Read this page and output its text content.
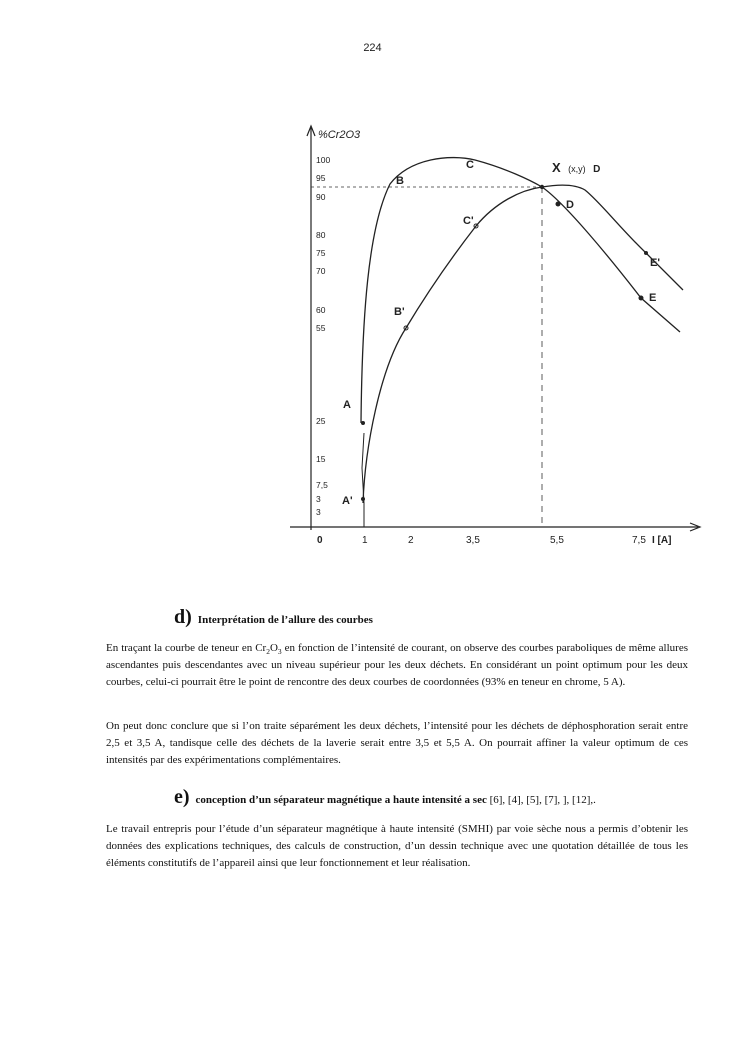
224
%Cr2O3
100
95
90
80
75
70
60
55
25
15
7,5
3
3
0	1	2	3,5	5,5	7,5 I [A]
A
A'
B
B'
C
C'
D
E
E'
X (x,y) D
d) Interprétation de l’allure des courbes

En traçant la courbe de teneur en $Cr_2O_3$ en fonction de l’intensité de courant, on observe des courbes paraboliques de même allures ascendantes puis descendantes avec un niveau supérieur pour les deux déchets. En considérant un point optimum pour les deux courbes, celui-ci pourrait être le point de rencontre des deux courbes de coordonnées (93% en teneur en chrome, 5 A).

On peut donc conclure que si l’on traite séparément les deux déchets, l’intensité pour les déchets de déphosphoration serait entre 2,5 et 3,5 A, tandisque celle des déchets de la laverie serait entre 3,5 et 5,5 A. On pourrait affiner la valeur optimum de ces intensités par des expérimentations complémentaires.

e) conception d’un séparateur magnétique a haute intensité a sec [6], [4], [5], [7], ], [12],.

Le travail entrepris pour l’étude d’un séparateur magnétique à haute intensité (SMHI) par voie sèche nous a permis d’obtenir les données des explications techniques, des calculs de construction, d’un dessin technique avec une quotation détaillée de tous les éléments constitutifs de l’appareil ainsi que leur fonctionnement et leur réalisation.
